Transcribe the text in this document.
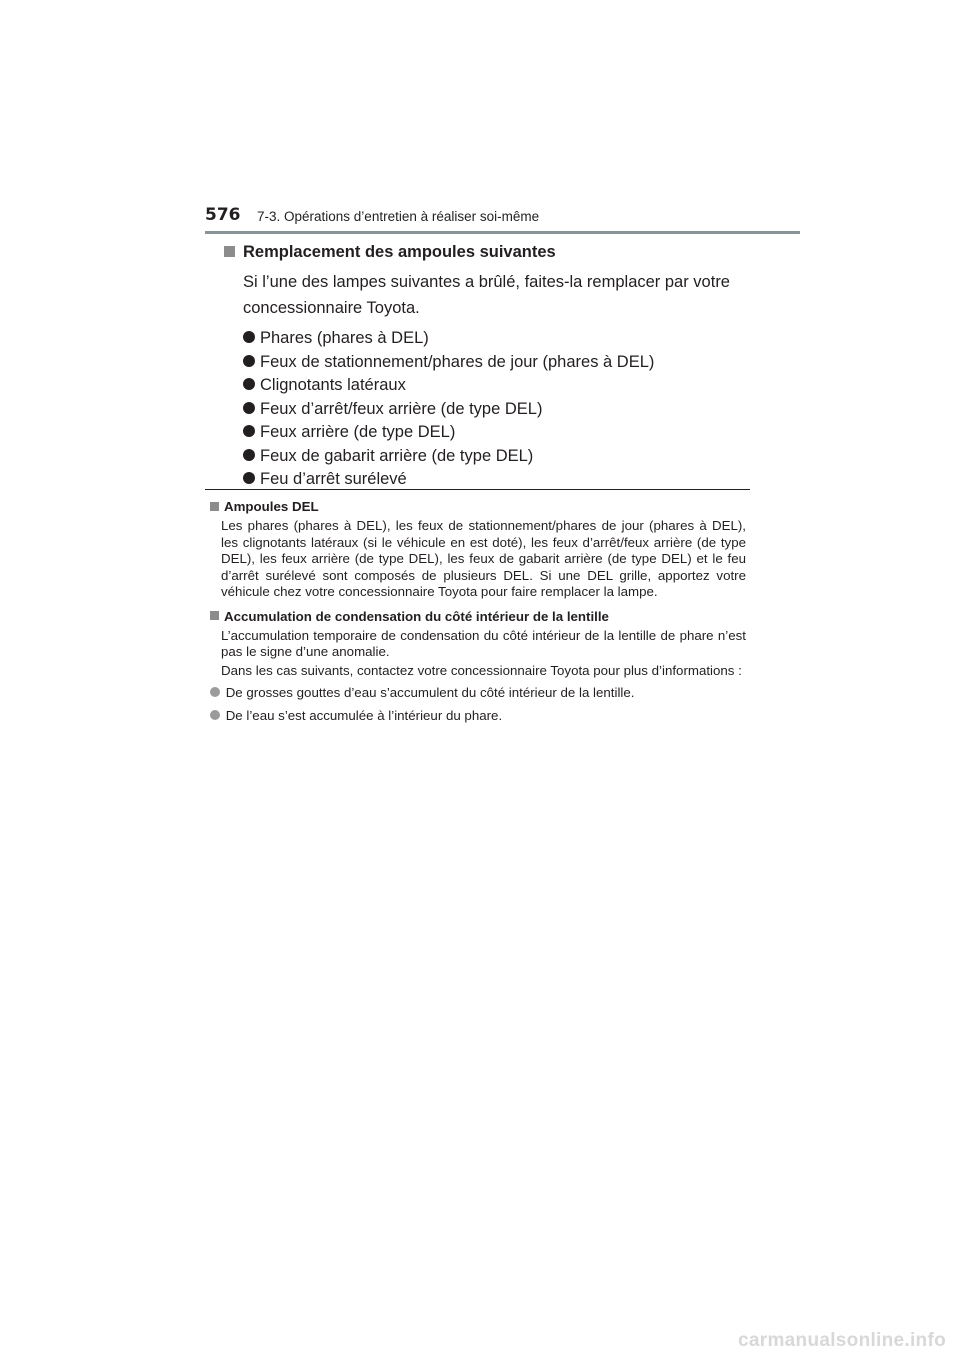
576 7-3. Opérations d’entretien à réaliser soi-même
Remplacement des ampoules suivantes
Si l’une des lampes suivantes a brûlé, faites-la remplacer par votre
concessionnaire Toyota.
Phares (phares à DEL)
Feux de stationnement/phares de jour (phares à DEL)
Clignotants latéraux
Feux d’arrêt/feux arrière (de type DEL)
Feux arrière (de type DEL)
Feux de gabarit arrière (de type DEL)
Feu d’arrêt surélevé
Ampoules DEL

Les phares (phares à DEL), les feux de stationnement/phares de jour (phares à DEL), les clignotants latéraux (si le véhicule en est doté), les feux d’arrêt/feux arrière (de type DEL), les feux arrière (de type DEL), les feux de gabarit arrière (de type DEL) et le feu d’arrêt surélevé sont composés de plusieurs DEL. Si une DEL grille, apportez votre véhicule chez votre concessionnaire Toyota pour faire remplacer la lampe.

Accumulation de condensation du côté intérieur de la lentille

L’accumulation temporaire de condensation du côté intérieur de la lentille de phare n’est pas le signe d’une anomalie.

Dans les cas suivants, contactez votre concessionnaire Toyota pour plus d’informations :

De grosses gouttes d’eau s’accumulent du côté intérieur de la lentille.
De l’eau s’est accumulée à l’intérieur du phare.
carmanualsonline.info
